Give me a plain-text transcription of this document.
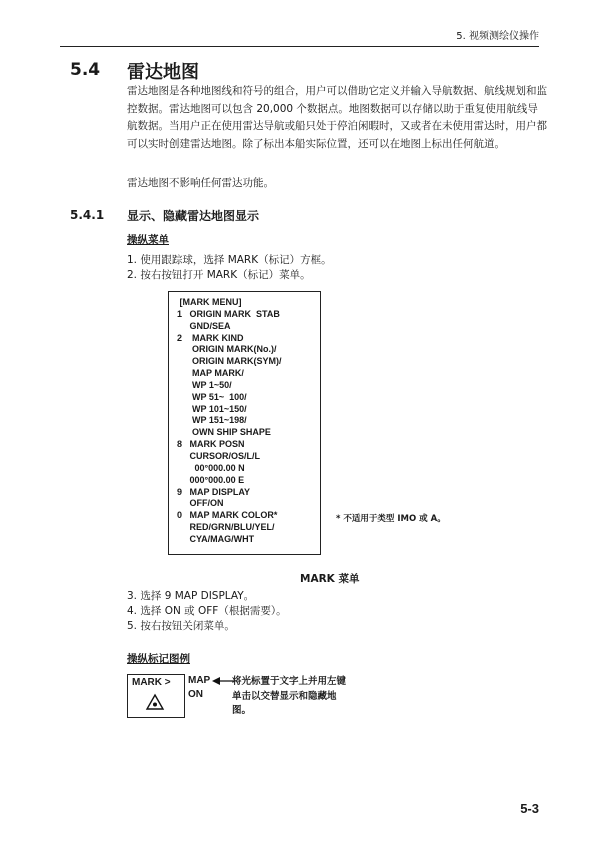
5. 视频测绘仪操作
5.4 雷达地图
雷达地图是各种地图线和符号的组合，用户可以借助它定义并输入导航数据、航线规划和监控数据。雷达地图可以包含 20,000 个数据点。地图数据可以存储以助于重复使用航线导航数据。当用户正在使用雷达导航或船只处于停泊闲暇时，又或者在未使用雷达时，用户都可以实时创建雷达地图。除了标出本船实际位置，还可以在地图上标出任何航道。
雷达地图不影响任何雷达功能。
5.4.1 显示、隐藏雷达地图显示
操纵菜单
1. 使用跟踪球，选择 MARK（标记）方框。
2. 按右按钮打开 MARK（标记）菜单。
[MARK MENU]
1   ORIGIN MARK  STAB
GND/SEA
2    MARK KIND
ORIGIN MARK(No.)/
ORIGIN MARK(SYM)/
MAP MARK/
WP 1~50/
WP 51~  100/
WP 101~150/
WP 151~198/
OWN SHIP SHAPE
8   MARK POSN
CURSOR/OS/L/L
00°000.00 N
000°000.00 E
9   MAP DISPLAY
OFF/ON
0   MAP MARK COLOR*
RED/GRN/BLU/YEL/
CYA/MAG/WHT
* 不适用于类型 IMO 或 A。
MARK 菜单
3. 选择 9 MAP DISPLAY。
4. 选择 ON 或 OFF（根据需要）。
5. 按右按钮关闭菜单。
操纵标记图例
MARK > MAP
ON
将光标置于文字上并用左键单击以交替显示和隐藏地图。
5-3
